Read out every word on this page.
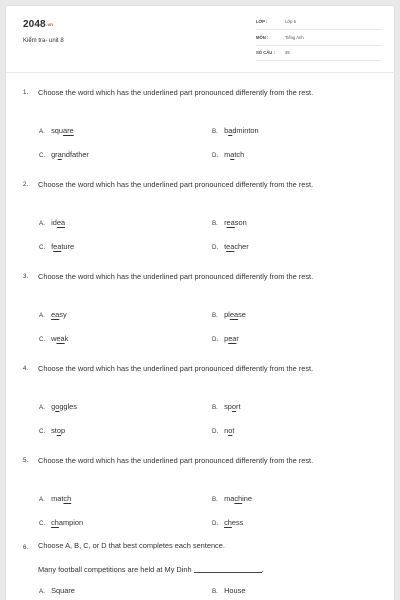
2048.vn
Kiểm tra- unit 8
LỚP :	Lớp 6
MÔN :	Tiếng Anh
SỐ CÂU : 35
1. Choose the word which has the underlined part pronounced differently from the rest.
A. square	B. badminton
C. grandfather	D. match
2. Choose the word which has the underlined part pronounced differently from the rest.
A. idea	B. reason
C. feature	D. teacher
3. Choose the word which has the underlined part pronounced differently from the rest.
A. easy	B. please
C. weak	D. pear
4. Choose the word which has the underlined part pronounced differently from the rest.
A. goggles	B. sport
C. stop	D. not
5. Choose the word which has the underlined part pronounced differently from the rest.
A. match	B. machine
C. champion	D. chess
6. Choose A, B, C, or D that best completes each sentence.
Many football competitions are held at My Dinh	.
A. Square	B. House
